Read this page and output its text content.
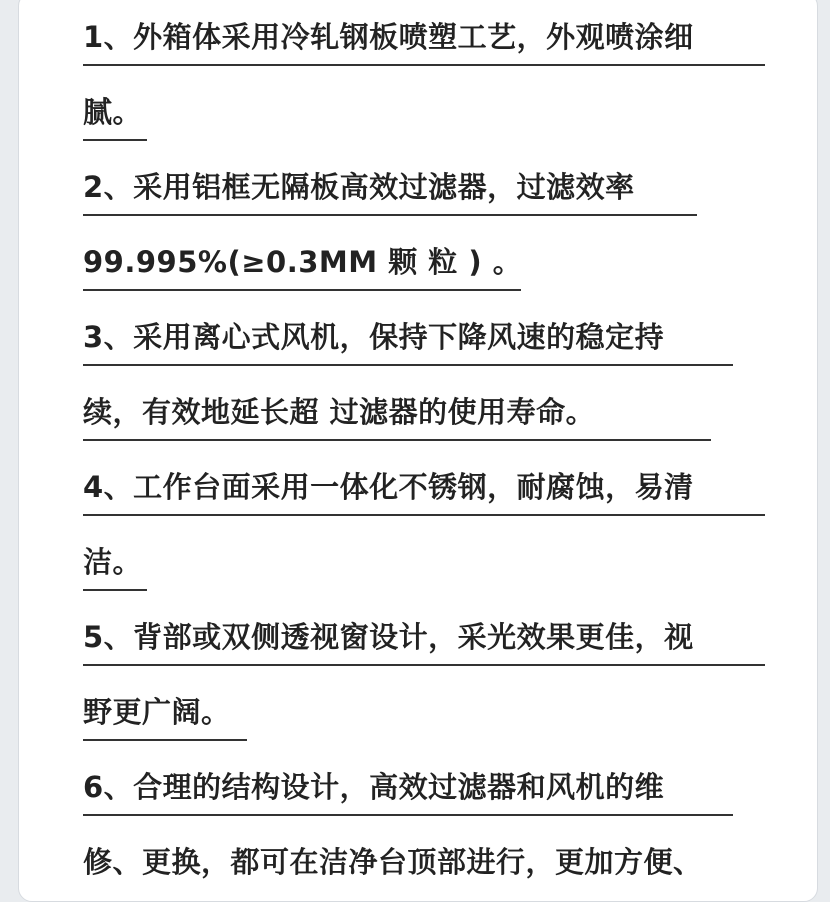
1、外箱体采用冷轧钢板喷塑工艺，外观喷涂细
腻。
2、采用铝框无隔板高效过滤器，过滤效率
99.995%(≥0.3MM 颗 粒 ) 。
3、采用离心式风机，保持下降风速的稳定持
续，有效地延长超 过滤器的使用寿命。
4、工作台面采用一体化不锈钢，耐腐蚀，易清
洁。
5、背部或双侧透视窗设计，采光效果更佳，视
野更广阔。
6、合理的结构设计，高效过滤器和风机的维
修、更换，都可在洁净台顶部进行，更加方便、
